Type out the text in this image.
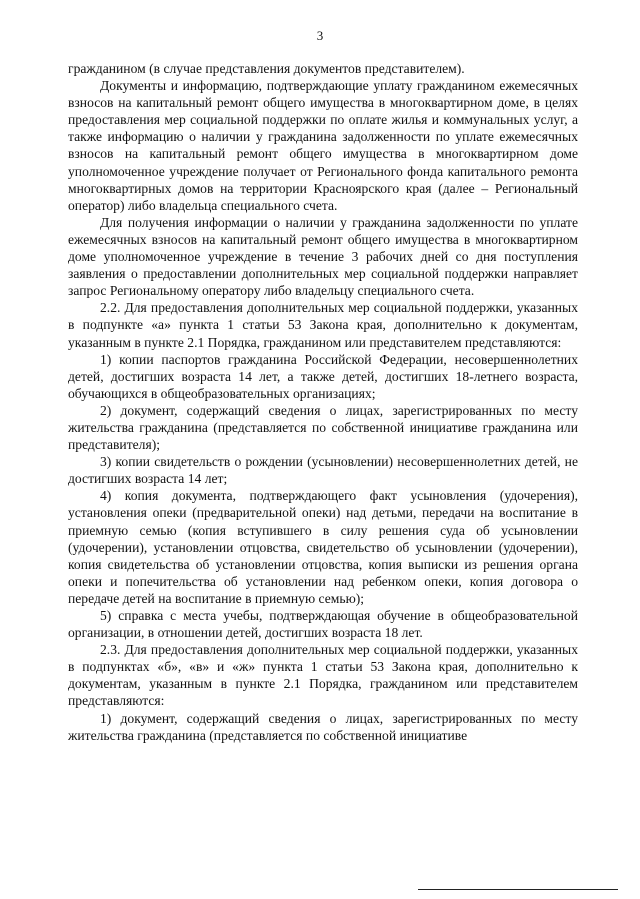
3

гражданином (в случае представления документов представителем).

Документы и информацию, подтверждающие уплату гражданином ежемесячных взносов на капитальный ремонт общего имущества в многоквартирном доме, в целях предоставления мер социальной поддержки по оплате жилья и коммунальных услуг, а также информацию о наличии у гражданина задолженности по уплате ежемесячных взносов на капитальный ремонт общего имущества в многоквартирном доме уполномоченное учреждение получает от Регионального фонда капитального ремонта многоквартирных домов на территории Красноярского края (далее – Региональный оператор) либо владельца специального счета.

Для получения информации о наличии у гражданина задолженности по уплате ежемесячных взносов на капитальный ремонт общего имущества в многоквартирном доме уполномоченное учреждение в течение 3 рабочих дней со дня поступления заявления о предоставлении дополнительных мер социальной поддержки направляет запрос Региональному оператору либо владельцу специального счета.

2.2. Для предоставления дополнительных мер социальной поддержки, указанных в подпункте «а» пункта 1 статьи 53 Закона края, дополнительно к документам, указанным в пункте 2.1 Порядка, гражданином или представителем представляются:

1) копии паспортов гражданина Российской Федерации, несовершеннолетних детей, достигших возраста 14 лет, а также детей, достигших 18-летнего возраста, обучающихся в общеобразовательных организациях;

2) документ, содержащий сведения о лицах, зарегистрированных по месту жительства гражданина (представляется по собственной инициативе гражданина или представителя);

3) копии свидетельств о рождении (усыновлении) несовершеннолетних детей, не достигших возраста 14 лет;

4) копия документа, подтверждающего факт усыновления (удочерения), установления опеки (предварительной опеки) над детьми, передачи на воспитание в приемную семью (копия вступившего в силу решения суда об усыновлении (удочерении), установлении отцовства, свидетельство об усыновлении (удочерении), копия свидетельства об установлении отцовства, копия выписки из решения органа опеки и попечительства об установлении над ребенком опеки, копия договора о передаче детей на воспитание в приемную семью);

5) справка с места учебы, подтверждающая обучение в общеобразовательной организации, в отношении детей, достигших возраста 18 лет.

2.3. Для предоставления дополнительных мер социальной поддержки, указанных в подпунктах «б», «в» и «ж» пункта 1 статьи 53 Закона края, дополнительно к документам, указанным в пункте 2.1 Порядка, гражданином или представителем представляются:

1) документ, содержащий сведения о лицах, зарегистрированных по месту жительства гражданина (представляется по собственной инициативе
